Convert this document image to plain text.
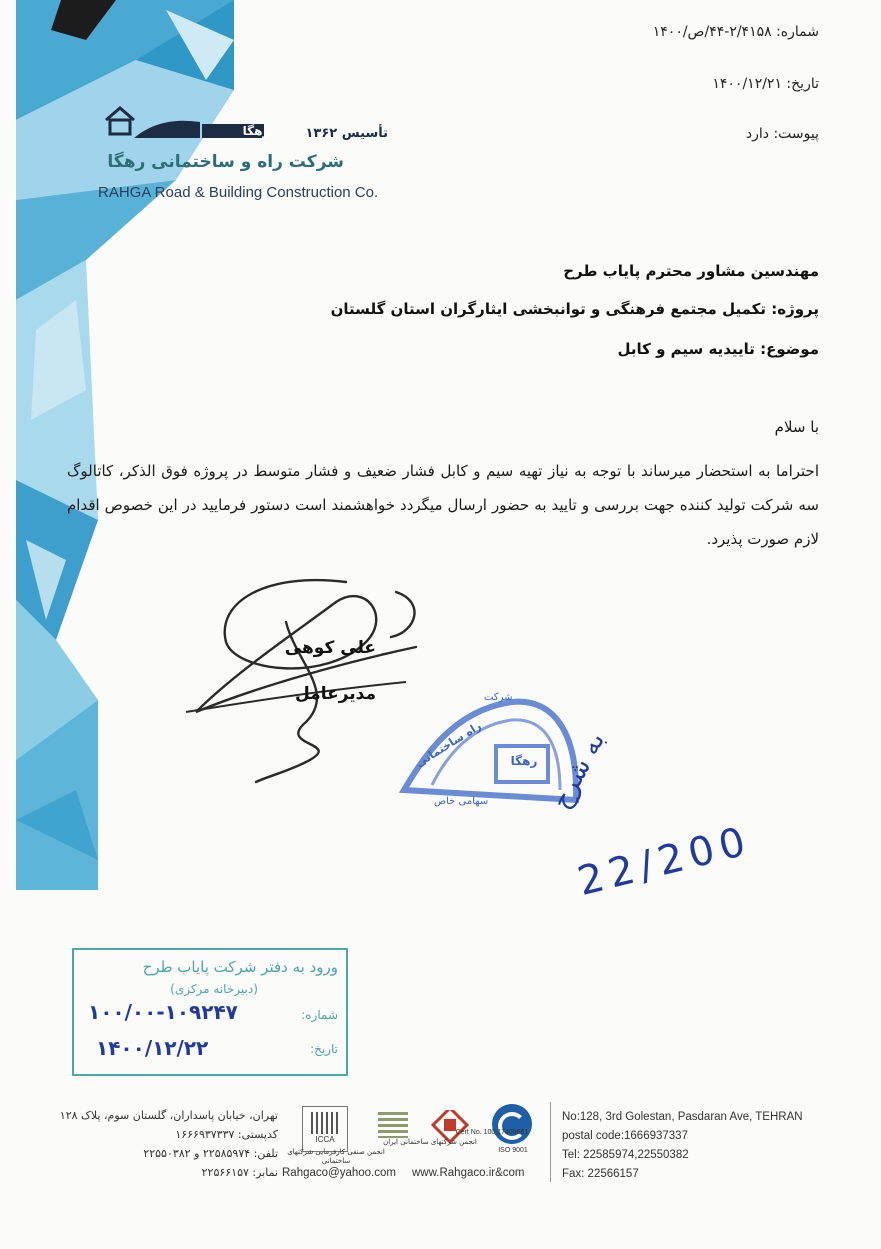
شماره: ۲/۴۱۵۸-۴۴/ص/۱۴۰۰
تاریخ: ۱۴۰۰/۱۲/۲۱
پیوست: دارد
رهگا	تأسیس ۱۳۶۲
شرکت راه و ساختمانی رهگا
RAHGA Road & Building Construction Co.
مهندسین مشاور محترم پایاب طرح
پروژه: تکمیل مجتمع فرهنگی و توانبخشی ایثارگران استان گلستان
موضوع: تاییدیه سیم و کابل
با سلام
احتراما به استحضار میرساند با توجه به نیاز تهیه سیم و کابل فشار ضعیف و فشار متوسط در پروژه فوق الذکر، کاتالوگ سه شرکت تولید کننده جهت بررسی و تایید به حضور ارسال میگردد خواهشمند است دستور فرمایید در این خصوص اقدام لازم صورت پذیرد.
علی کوهی
مدیرعامل	شرکت
راه ساختمانی	رهگا
سهامی خاص	به شرح
22/200
ورود به دفتر شرکت پایاب طرح
(دبیرخانه مرکزی)
شماره:
۱۰۰/۰۰-۱۰۹۲۴۷
تاریخ:
۱۴۰۰/۱۲/۲۲
تهران، خیابان پاسداران، گلستان سوم، پلاک ۱۲۸
کدپستی: ۱۶۶۶۹۳۷۳۳۷
تلفن: ۲۲۵۸۵۹۷۴ و ۲۲۵۵۰۳۸۲
نمابر: ۲۲۵۶۶۱۵۷
ICCA
ISO 9001
Cert No. 100 17405661
انجمن شرکتهای ساختمانی ایران
انجمن صنفی کارفرمایی شرکتهای ساختمانی
Rahgaco@yahoo.com	www.Rahgaco.ir&com
No:128, 3rd Golestan, Pasdaran Ave, TEHRAN
postal code:1666937337
Tel: 22585974,22550382
Fax: 22566157
